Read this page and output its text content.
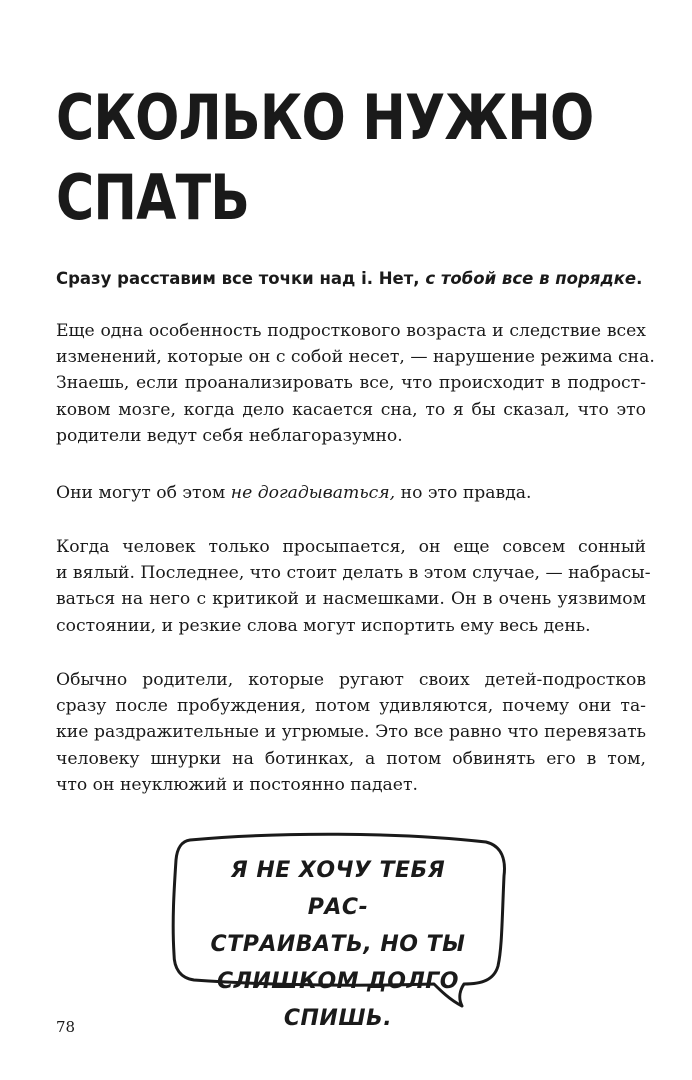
СКОЛЬКО НУЖНО
СПАТЬ

Сразу расставим все точки над i. Нет, с тобой все в порядке.

Еще одна особенность подросткового возраста и следствие всех
изменений, которые он с собой несет, — нарушение режима сна.
Знаешь, если проанализировать все, что происходит в подрост-
ковом мозге, когда дело касается сна, то я бы сказал, что это
родители ведут себя неблагоразумно.

Они могут об этом не догадываться, но это правда.

Когда человек только просыпается, он еще совсем сонный
и вялый. Последнее, что стоит делать в этом случае, — набрасы-
ваться на него с критикой и насмешками. Он в очень уязвимом
состоянии, и резкие слова могут испортить ему весь день.

Обычно родители, которые ругают своих детей-подростков
сразу после пробуждения, потом удивляются, почему они та-
кие раздражительные и угрюмые. Это все равно что перевязать
человеку шнурки на ботинках, а потом обвинять его в том,
что он неуклюжий и постоянно падает.

Я НЕ ХОЧУ ТЕБЯ РАС-
СТРАИВАТЬ, НО ТЫ
СЛИШКОМ ДОЛГО
СПИШЬ.
78
